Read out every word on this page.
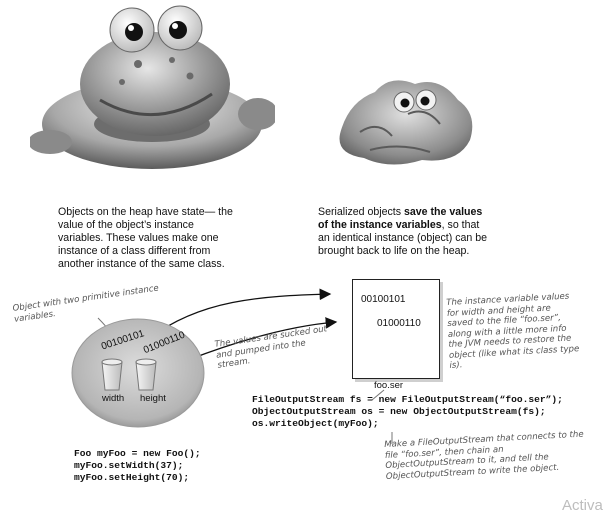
Objects on the heap have state— the value of the object’s instance variables. These values make one instance of a class different from another instance of the same class.
Serialized objects save the values of the instance variables, so that an identical instance (object) can be brought back to life on the heap.
00100101
01000110
width height
00100101
01000110
foo.ser
Object with two primitive instance variables.
The values are sucked out and pumped into the stream.
The instance variable values for width and height are saved to the file “foo.ser”, along with a little more info the JVM needs to restore the object (like what its class type is).
Make a FileOutputStream that connects to the file “foo.ser”, then chain an ObjectOutputStream to it, and tell the ObjectOutputStream to write the object.
FileOutputStream fs = new FileOutputStream(“foo.ser”);
ObjectOutputStream os = new ObjectOutputStream(fs);
os.writeObject(myFoo);
Foo myFoo = new Foo();
myFoo.setWidth(37);
myFoo.setHeight(70);
Activa
